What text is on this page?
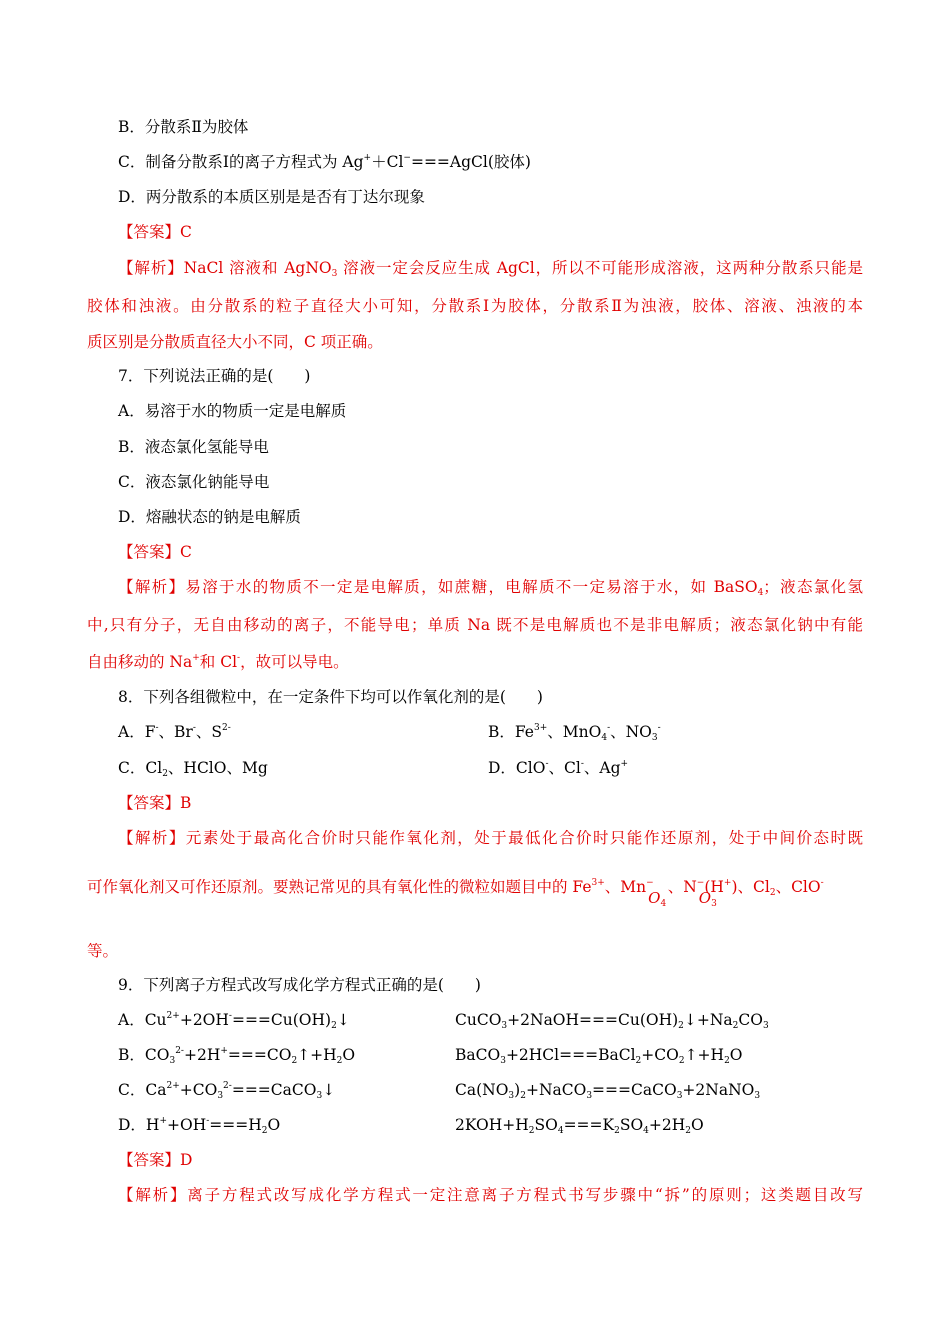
B．分散系Ⅱ为胶体
C．制备分散系Ⅰ的离子方程式为 Ag+＋Cl−===AgCl(胶体)
D．两分散系的本质区别是是否有丁达尔现象
【答案】C
【解析】NaCl 溶液和 AgNO$_3$ 溶液一定会反应生成 AgCl，所以不可能形成溶液，这两种分散系只能是
胶体和浊液。由分散系的粒子直径大小可知，分散系Ⅰ为胶体，分散系Ⅱ为浊液，胶体、溶液、浊液的本
质区别是分散质直径大小不同，C 项正确。
7．下列说法正确的是(　　)
A．易溶于水的物质一定是电解质
B．液态氯化氢能导电
C．液态氯化钠能导电
D．熔融状态的钠是电解质
【答案】C
【解析】易溶于水的物质不一定是电解质，如蔗糖，电解质不一定易溶于水，如 BaSO$_4$；液态氯化氢
中,只有分子，无自由移动的离子，不能导电；单质 Na 既不是电解质也不是非电解质；液态氯化钠中有能
自由移动的 Na+和 Cl-，故可以导电。
8．下列各组微粒中，在一定条件下均可以作氧化剂的是(　　)
A．F-、Br-、$S^{2-}$	B．$Fe^{3+}$、MnO$_4$-、$NO_3^-$
C．$Cl_2$、HClO、Mg	D．ClO-、Cl-、Ag+
【答案】B
【解析】元素处于最高化合价时只能作氧化剂，处于最低化合价时只能作还原剂，处于中间价态时既
可作氧化剂又可作还原剂。要熟记常见的具有氧化性的微粒如题目中的 $Fe^{3+}$、Mn−
$O_4$
、N−
$O_3$
(H+)、$Cl_2$、ClO-
等。
9．下列离子方程式改写成化学方程式正确的是(　　)
A．$Cu^{2+}+2OH^-===Cu(OH)_2↓$	$CuCO_3+2NaOH===Cu(OH)_2↓+Na_2CO_3$
B．$CO_3^{2-}+2H^+===CO_2↑+H_2O$	$BaCO_3+2HCl===BaCl_2+CO_2↑+H_2O$
C．$Ca^{2+}+CO_3^{2-}===CaCO_3↓$	$Ca(NO_3)_2+NaCO_3===CaCO_3+2NaNO_3$
D．$H^++OH^-===H_2O$	$2KOH+H_2SO_4===K_2SO_4+2H_2O$
【答案】D
【解析】离子方程式改写成化学方程式一定注意离子方程式书写步骤中“拆”的原则；这类题目改写
